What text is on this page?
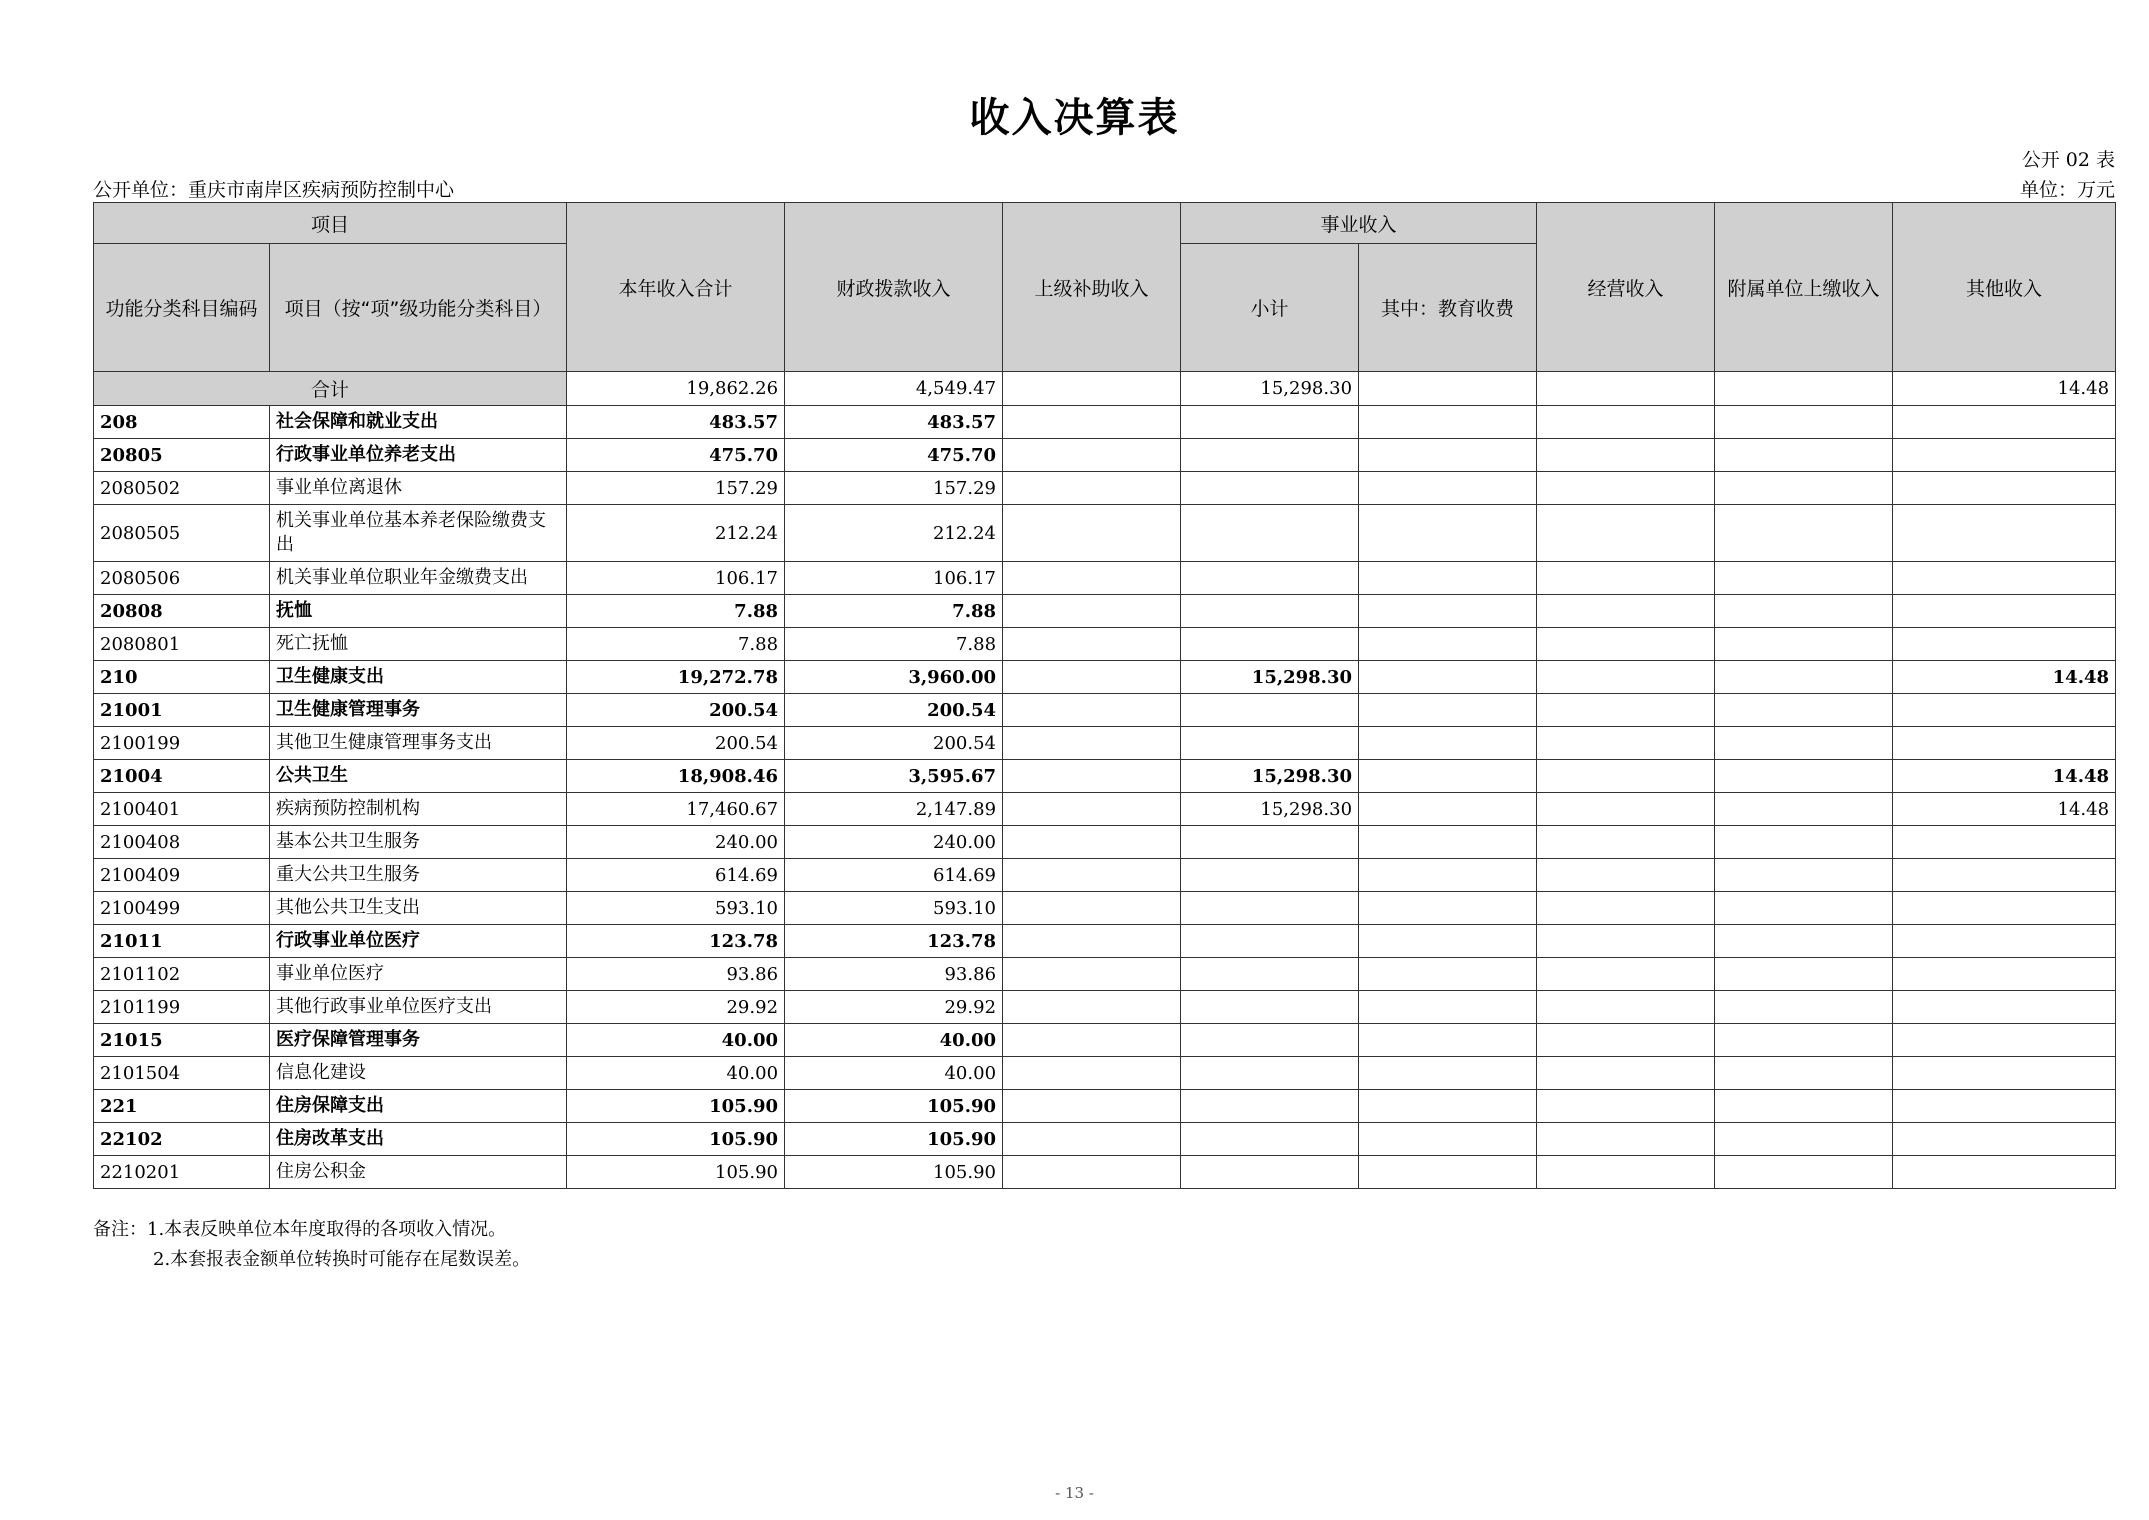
收入决算表
公开 02 表
公开单位：重庆市南岸区疾病预防控制中心	单位：万元
项目		本年收入合计	财政拨款收入	上级补助收入	事业收入		经营收入	附属单位上缴收入	其他收入
功能分类科目编码	项目（按“项”级功能分类科目）				小计	其中：教育收费			
合计		19,862.26	4,549.47		15,298.30				14.48
208	社会保障和就业支出	483.57	483.57						
20805	行政事业单位养老支出	475.70	475.70						
2080502	事业单位离退休	157.29	157.29						
2080505	机关事业单位基本养老保险缴费支出	212.24	212.24						
2080506	机关事业单位职业年金缴费支出	106.17	106.17						
20808	抚恤	7.88	7.88						
2080801	死亡抚恤	7.88	7.88						
210	卫生健康支出	19,272.78	3,960.00		15,298.30				14.48
21001	卫生健康管理事务	200.54	200.54						
2100199	其他卫生健康管理事务支出	200.54	200.54						
21004	公共卫生	18,908.46	3,595.67		15,298.30				14.48
2100401	疾病预防控制机构	17,460.67	2,147.89		15,298.30				14.48
2100408	基本公共卫生服务	240.00	240.00						
2100409	重大公共卫生服务	614.69	614.69						
2100499	其他公共卫生支出	593.10	593.10						
21011	行政事业单位医疗	123.78	123.78						
2101102	事业单位医疗	93.86	93.86						
2101199	其他行政事业单位医疗支出	29.92	29.92						
21015	医疗保障管理事务	40.00	40.00						
2101504	信息化建设	40.00	40.00						
221	住房保障支出	105.90	105.90						
22102	住房改革支出	105.90	105.90						
2210201	住房公积金	105.90	105.90						
备注：1.本表反映单位本年度取得的各项收入情况。
2.本套报表金额单位转换时可能存在尾数误差。
- 13 -
